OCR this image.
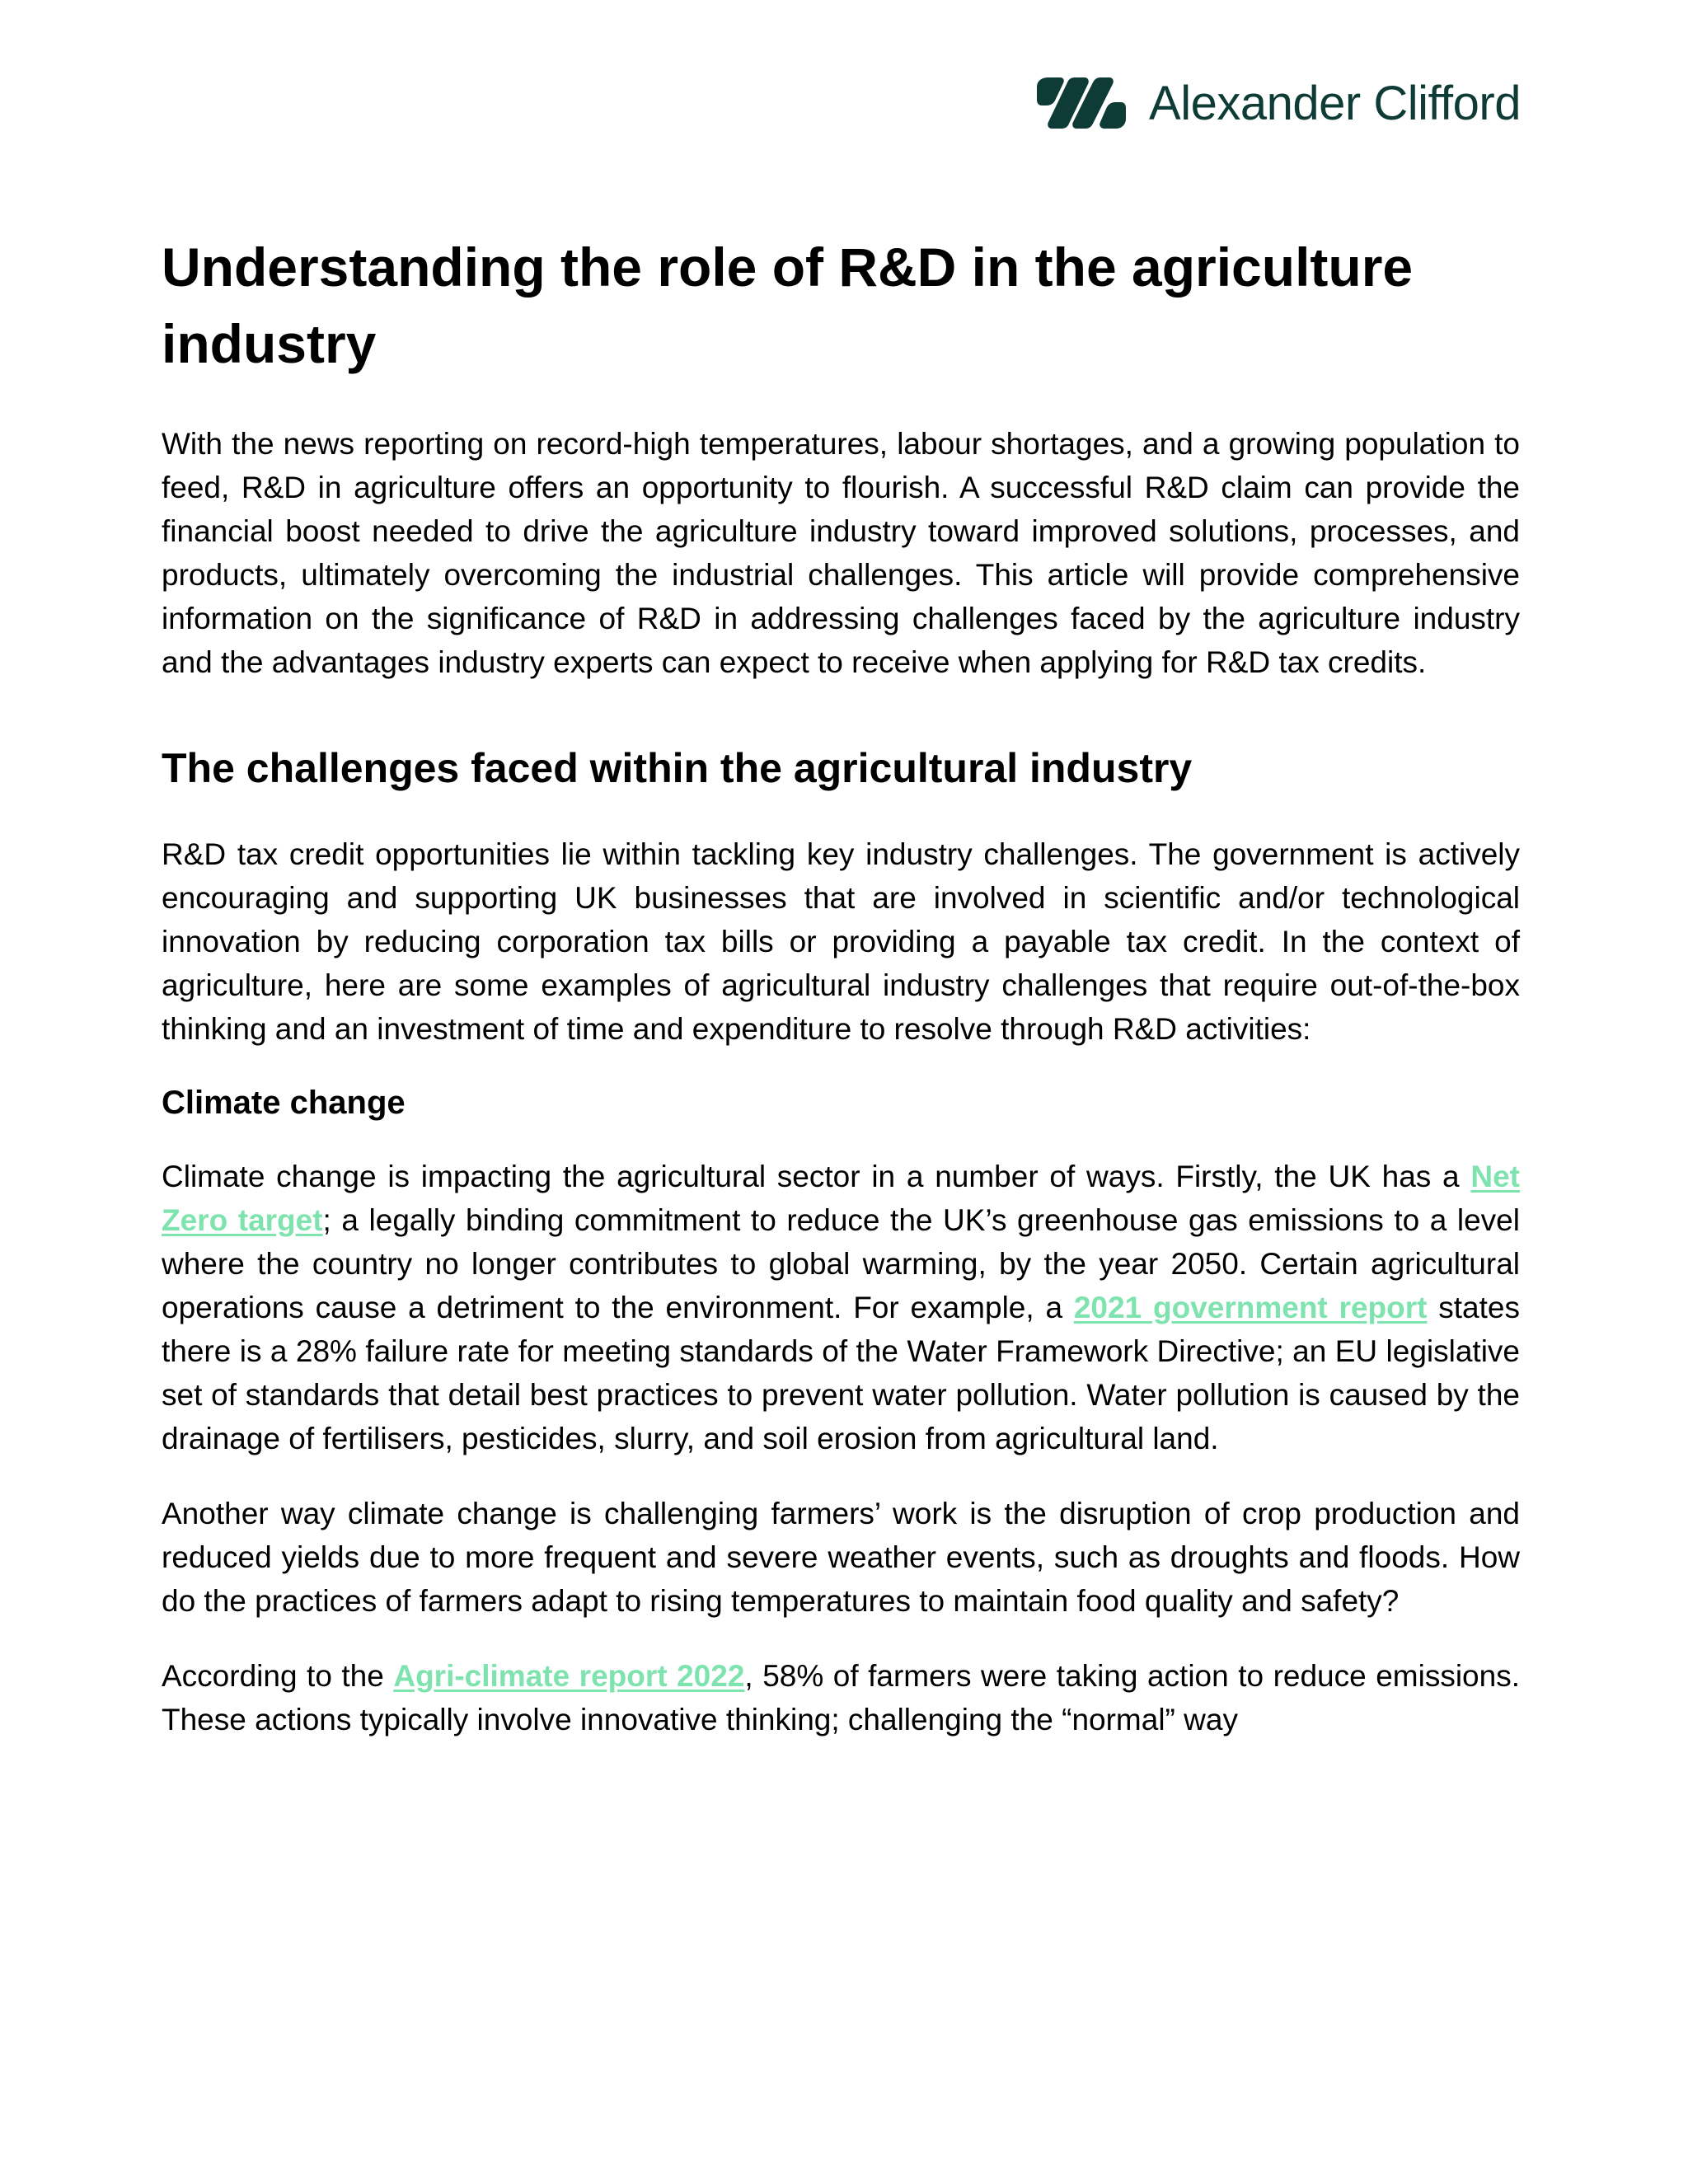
Alexander Clifford
Understanding the role of R&D in the agriculture industry

With the news reporting on record-high temperatures, labour shortages, and a growing population to feed, R&D in agriculture offers an opportunity to flourish. A successful R&D claim can provide the financial boost needed to drive the agriculture industry toward improved solutions, processes, and products, ultimately overcoming the industrial challenges. This article will provide comprehensive information on the significance of R&D in addressing challenges faced by the agriculture industry and the advantages industry experts can expect to receive when applying for R&D tax credits.

The challenges faced within the agricultural industry

R&D tax credit opportunities lie within tackling key industry challenges. The government is actively encouraging and supporting UK businesses that are involved in scientific and/or technological innovation by reducing corporation tax bills or providing a payable tax credit. In the context of agriculture, here are some examples of agricultural industry challenges that require out-of-the-box thinking and an investment of time and expenditure to resolve through R&D activities:

Climate change

Climate change is impacting the agricultural sector in a number of ways. Firstly, the UK has a Net Zero target; a legally binding commitment to reduce the UK’s greenhouse gas emissions to a level where the country no longer contributes to global warming, by the year 2050. Certain agricultural operations cause a detriment to the environment. For example, a 2021 government report states there is a 28% failure rate for meeting standards of the Water Framework Directive; an EU legislative set of standards that detail best practices to prevent water pollution. Water pollution is caused by the drainage of fertilisers, pesticides, slurry, and soil erosion from agricultural land.

Another way climate change is challenging farmers’ work is the disruption of crop production and reduced yields due to more frequent and severe weather events, such as droughts and floods. How do the practices of farmers adapt to rising temperatures to maintain food quality and safety?

According to the Agri-climate report 2022, 58% of farmers were taking action to reduce emissions. These actions typically involve innovative thinking; challenging the “normal” way
